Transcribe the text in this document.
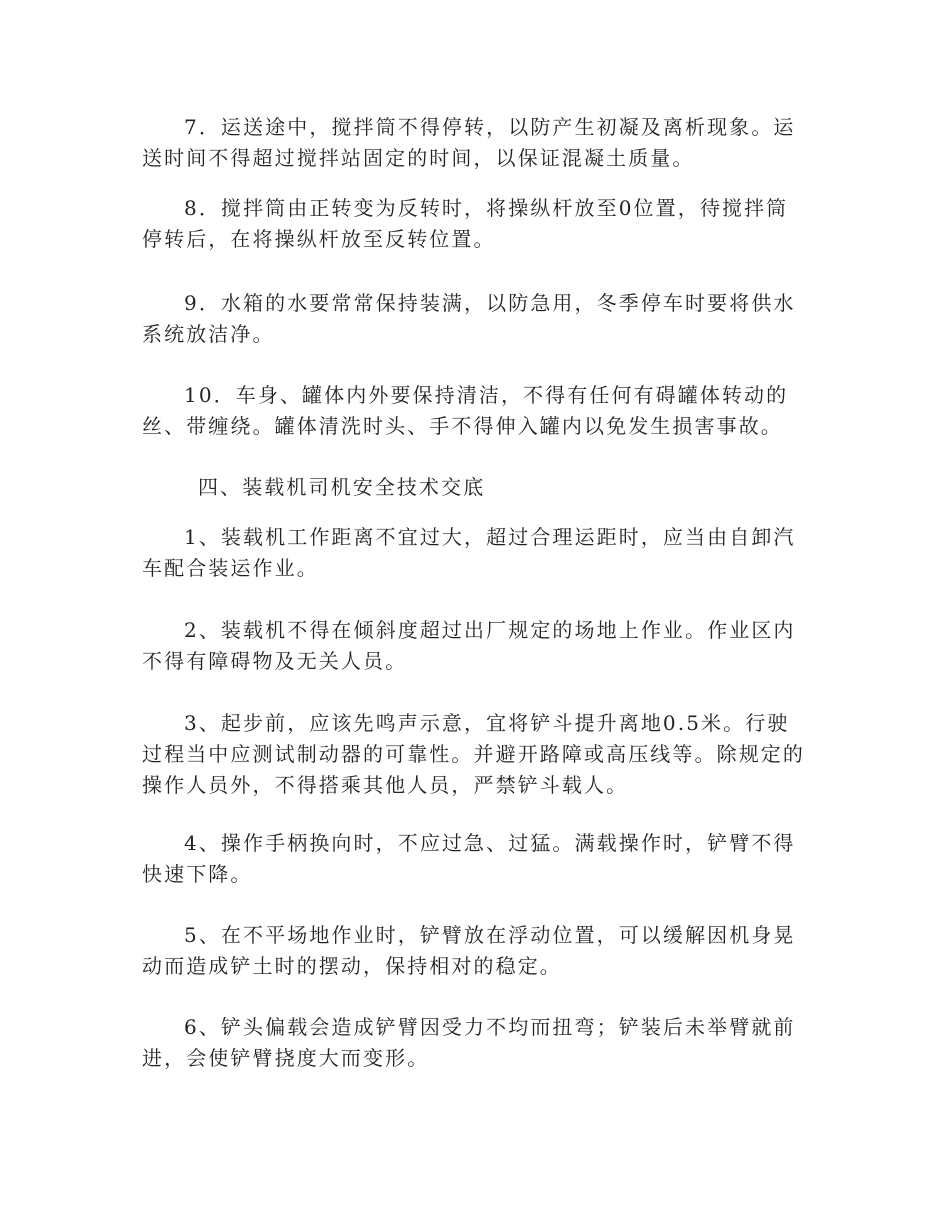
7．运送途中，搅拌筒不得停转，以防产生初凝及离析现象。运送时间不得超过搅拌站固定的时间，以保证混凝土质量。

8．搅拌筒由正转变为反转时，将操纵杆放至0位置，待搅拌筒停转后，在将操纵杆放至反转位置。

9．水箱的水要常常保持装满，以防急用，冬季停车时要将供水系统放洁净。

10．车身、罐体内外要保持清洁，不得有任何有碍罐体转动的丝、带缠绕。罐体清洗时头、手不得伸入罐内以免发生损害事故。

四、装载机司机安全技术交底

1、装载机工作距离不宜过大，超过合理运距时，应当由自卸汽车配合装运作业。

2、装载机不得在倾斜度超过出厂规定的场地上作业。作业区内不得有障碍物及无关人员。

3、起步前，应该先鸣声示意，宜将铲斗提升离地0.5米。行驶过程当中应测试制动器的可靠性。并避开路障或高压线等。除规定的操作人员外，不得搭乘其他人员，严禁铲斗载人。

4、操作手柄换向时，不应过急、过猛。满载操作时，铲臂不得快速下降。

5、在不平场地作业时，铲臂放在浮动位置，可以缓解因机身晃动而造成铲土时的摆动，保持相对的稳定。

6、铲头偏载会造成铲臂因受力不均而扭弯；铲装后未举臂就前进，会使铲臂挠度大而变形。
